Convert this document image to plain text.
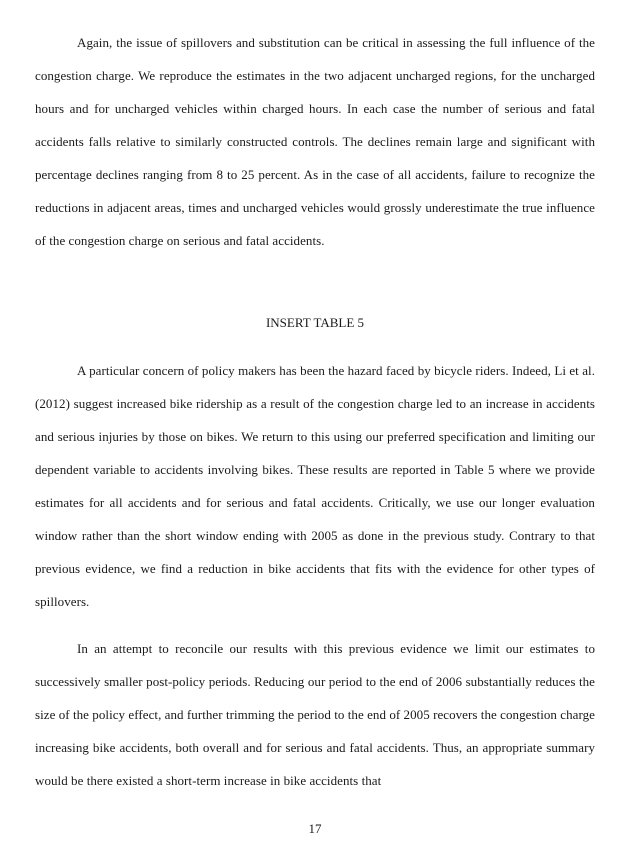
Again, the issue of spillovers and substitution can be critical in assessing the full influence of the congestion charge. We reproduce the estimates in the two adjacent uncharged regions, for the uncharged hours and for uncharged vehicles within charged hours. In each case the number of serious and fatal accidents falls relative to similarly constructed controls. The declines remain large and significant with percentage declines ranging from 8 to 25 percent. As in the case of all accidents, failure to recognize the reductions in adjacent areas, times and uncharged vehicles would grossly underestimate the true influence of the congestion charge on serious and fatal accidents.

INSERT TABLE 5

A particular concern of policy makers has been the hazard faced by bicycle riders. Indeed, Li et al. (2012) suggest increased bike ridership as a result of the congestion charge led to an increase in accidents and serious injuries by those on bikes. We return to this using our preferred specification and limiting our dependent variable to accidents involving bikes. These results are reported in Table 5 where we provide estimates for all accidents and for serious and fatal accidents. Critically, we use our longer evaluation window rather than the short window ending with 2005 as done in the previous study. Contrary to that previous evidence, we find a reduction in bike accidents that fits with the evidence for other types of spillovers.

In an attempt to reconcile our results with this previous evidence we limit our estimates to successively smaller post-policy periods. Reducing our period to the end of 2006 substantially reduces the size of the policy effect, and further trimming the period to the end of 2005 recovers the congestion charge increasing bike accidents, both overall and for serious and fatal accidents. Thus, an appropriate summary would be there existed a short-term increase in bike accidents that

17
